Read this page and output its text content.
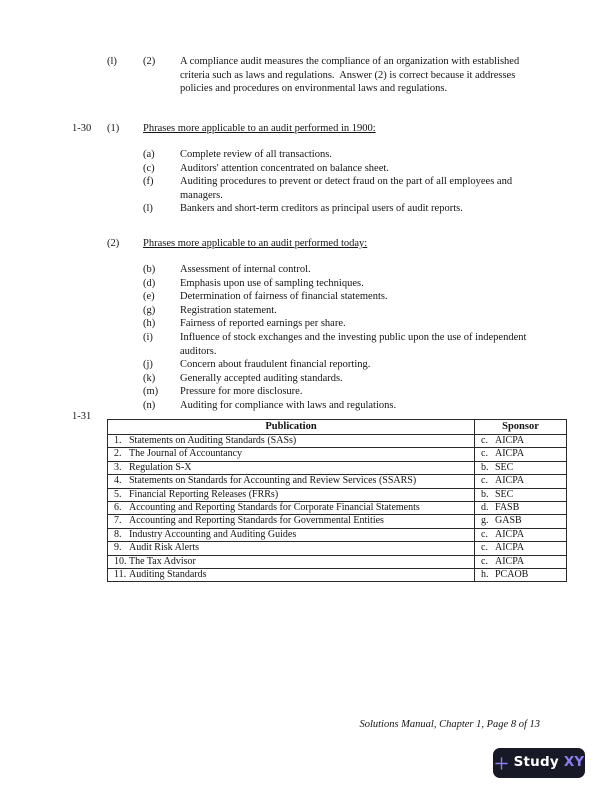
(l)	(2)	A compliance audit measures the compliance of an organization with established criteria such as laws and regulations.  Answer (2) is correct because it addresses policies and procedures on environmental laws and regulations.
1-30 (1)	Phrases more applicable to an audit performed in 1900:
(a)	Complete review of all transactions.
(c)	Auditors' attention concentrated on balance sheet.
(f)	Auditing procedures to prevent or detect fraud on the part of all employees and managers.
(l)	Bankers and short-term creditors as principal users of audit reports.
(2)	Phrases more applicable to an audit performed today:
(b)	Assessment of internal control.
(d)	Emphasis upon use of sampling techniques.
(e)	Determination of fairness of financial statements.
(g)	Registration statement.
(h)	Fairness of reported earnings per share.
(i)	Influence of stock exchanges and the investing public upon the use of independent auditors.
(j)	Concern about fraudulent financial reporting.
(k)	Generally accepted auditing standards.
(m)	Pressure for more disclosure.
(n)	Auditing for compliance with laws and regulations.
1-31
Publication	Sponsor
1. Statements on Auditing Standards (SASs)	c. AICPA
2. The Journal of Accountancy	c. AICPA
3. Regulation S-X	b. SEC
4. Statements on Standards for Accounting and Review Services (SSARS)	c. AICPA
5. Financial Reporting Releases (FRRs)	b. SEC
6. Accounting and Reporting Standards for Corporate Financial Statements	d. FASB
7. Accounting and Reporting Standards for Governmental Entities	g. GASB
8. Industry Accounting and Auditing Guides	c. AICPA
9. Audit Risk Alerts	c. AICPA
10. The Tax Advisor	c. AICPA
11. Auditing Standards	h. PCAOB
Solutions Manual, Chapter 1, Page 8 of 13
Study XY
